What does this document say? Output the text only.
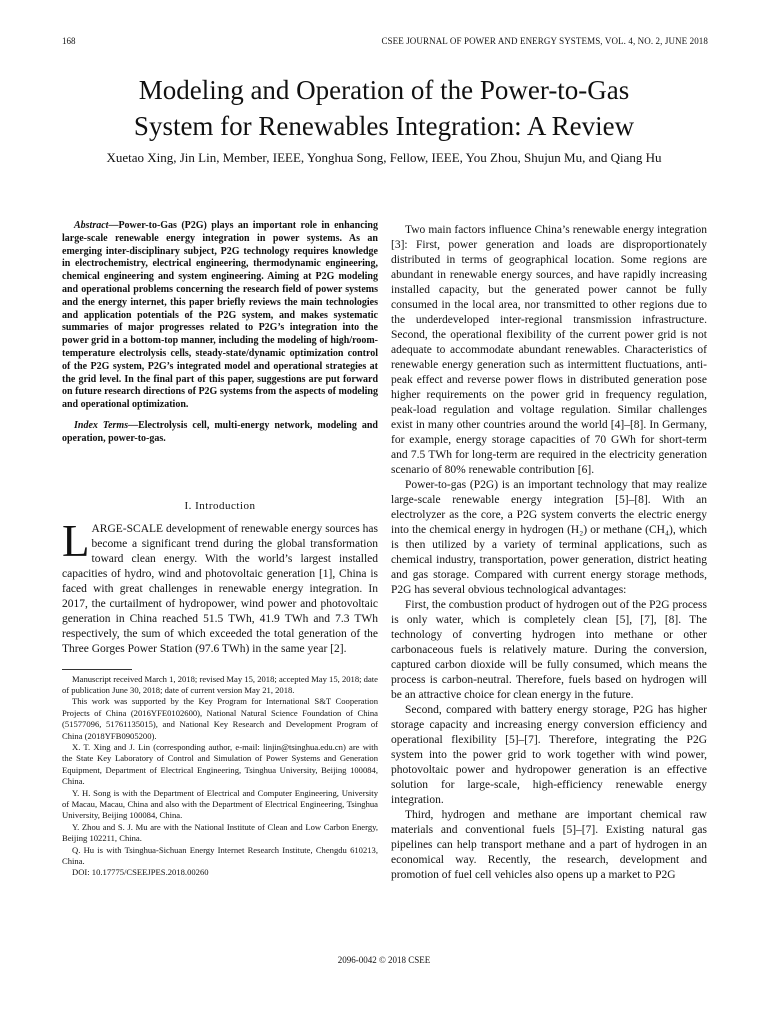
168	CSEE JOURNAL OF POWER AND ENERGY SYSTEMS, VOL. 4, NO. 2, JUNE 2018
Modeling and Operation of the Power-to-Gas
System for Renewables Integration: A Review

Xuetao Xing, Jin Lin, Member, IEEE, Yonghua Song, Fellow, IEEE, You Zhou, Shujun Mu, and Qiang Hu

Abstract—Power-to-Gas (P2G) plays an important role in enhancing large-scale renewable energy integration in power systems. As an emerging inter-disciplinary subject, P2G technology requires knowledge in electrochemistry, electrical engineering, thermodynamic engineering, chemical engineering and system engineering. Aiming at P2G modeling and operational problems concerning the research field of power systems and the energy internet, this paper briefly reviews the main technologies and application potentials of the P2G system, and makes systematic summaries of major progresses related to P2G’s integration into the power grid in a bottom-top manner, including the modeling of high/room-temperature electrolysis cells, steady-state/dynamic optimization control of the P2G system, P2G’s integrated model and operational strategies at the grid level. In the final part of this paper, suggestions are put forward on future research directions of P2G systems from the aspects of modeling and operational optimization.

Index Terms—Electrolysis cell, multi-energy network, modeling and operation, power-to-gas.

I. Introduction

LARGE-SCALE development of renewable energy sources has become a significant trend during the global transformation toward clean energy. With the world’s largest installed capacities of hydro, wind and photovoltaic generation [1], China is faced with great challenges in renewable energy integration. In 2017, the curtailment of hydropower, wind power and photovoltaic generation in China reached 51.5 TWh, 41.9 TWh and 7.3 TWh respectively, the sum of which exceeded the total generation of the Three Gorges Power Station (97.6 TWh) in the same year [2].

Manuscript received March 1, 2018; revised May 15, 2018; accepted May 15, 2018; date of publication June 30, 2018; date of current version May 21, 2018.

This work was supported by the Key Program for International S&T Cooperation Projects of China (2016YFE0102600), National Natural Science Foundation of China (51577096, 51761135015), and National Key Research and Development Program of China (2018YFB0905200).

X. T. Xing and J. Lin (corresponding author, e-mail: linjin@tsinghua.edu.cn) are with the State Key Laboratory of Control and Simulation of Power Systems and Generation Equipment, Department of Electrical Engineering, Tsinghua University, Beijing 100084, China.

Y. H. Song is with the Department of Electrical and Computer Engineering, University of Macau, Macau, China and also with the Department of Electrical Engineering, Tsinghua University, Beijing 100084, China.

Y. Zhou and S. J. Mu are with the National Institute of Clean and Low Carbon Energy, Beijing 102211, China.

Q. Hu is with Tsinghua-Sichuan Energy Internet Research Institute, Chengdu 610213, China.

DOI: 10.17775/CSEEJPES.2018.00260

Two main factors influence China’s renewable energy integration [3]: First, power generation and loads are disproportionately distributed in terms of geographical location. Some regions are abundant in renewable energy sources, and have rapidly increasing installed capacity, but the generated power cannot be fully consumed in the local area, nor transmitted to other regions due to the underdeveloped inter-regional transmission infrastructure. Second, the operational flexibility of the current power grid is not adequate to accommodate abundant renewables. Characteristics of renewable energy generation such as intermittent fluctuations, anti-peak effect and reverse power flows in distributed generation pose higher requirements on the power grid in frequency regulation, peak-load regulation and voltage regulation. Similar challenges exist in many other countries around the world [4]–[8]. In Germany, for example, energy storage capacities of 70 GWh for short-term and 7.5 TWh for long-term are required in the electricity generation scenario of 80% renewable contribution [6].

Power-to-gas (P2G) is an important technology that may realize large-scale renewable energy integration [5]–[8]. With an electrolyzer as the core, a P2G system converts the electric energy into the chemical energy in hydrogen (H₂) or methane (CH₄), which is then utilized by a variety of terminal applications, such as chemical industry, transportation, power generation, district heating and gas storage. Compared with current energy storage methods, P2G has several obvious technological advantages:

First, the combustion product of hydrogen out of the P2G process is only water, which is completely clean [5], [7], [8]. The technology of converting hydrogen into methane or other carbonaceous fuels is relatively mature. During the conversion, captured carbon dioxide will be fully consumed, which means the process is carbon-neutral. Therefore, fuels based on hydrogen will be an attractive choice for clean energy in the future.

Second, compared with battery energy storage, P2G has higher storage capacity and increasing energy conversion efficiency and operational flexibility [5]–[7]. Therefore, integrating the P2G system into the power grid to work together with wind power, photovoltaic power and hydropower generation is an effective solution for large-scale, high-efficiency renewable energy integration.

Third, hydrogen and methane are important chemical raw materials and conventional fuels [5]–[7]. Existing natural gas pipelines can help transport methane and a part of hydrogen in an economical way. Recently, the research, development and promotion of fuel cell vehicles also opens up a market to P2G

2096-0042 © 2018 CSEE
